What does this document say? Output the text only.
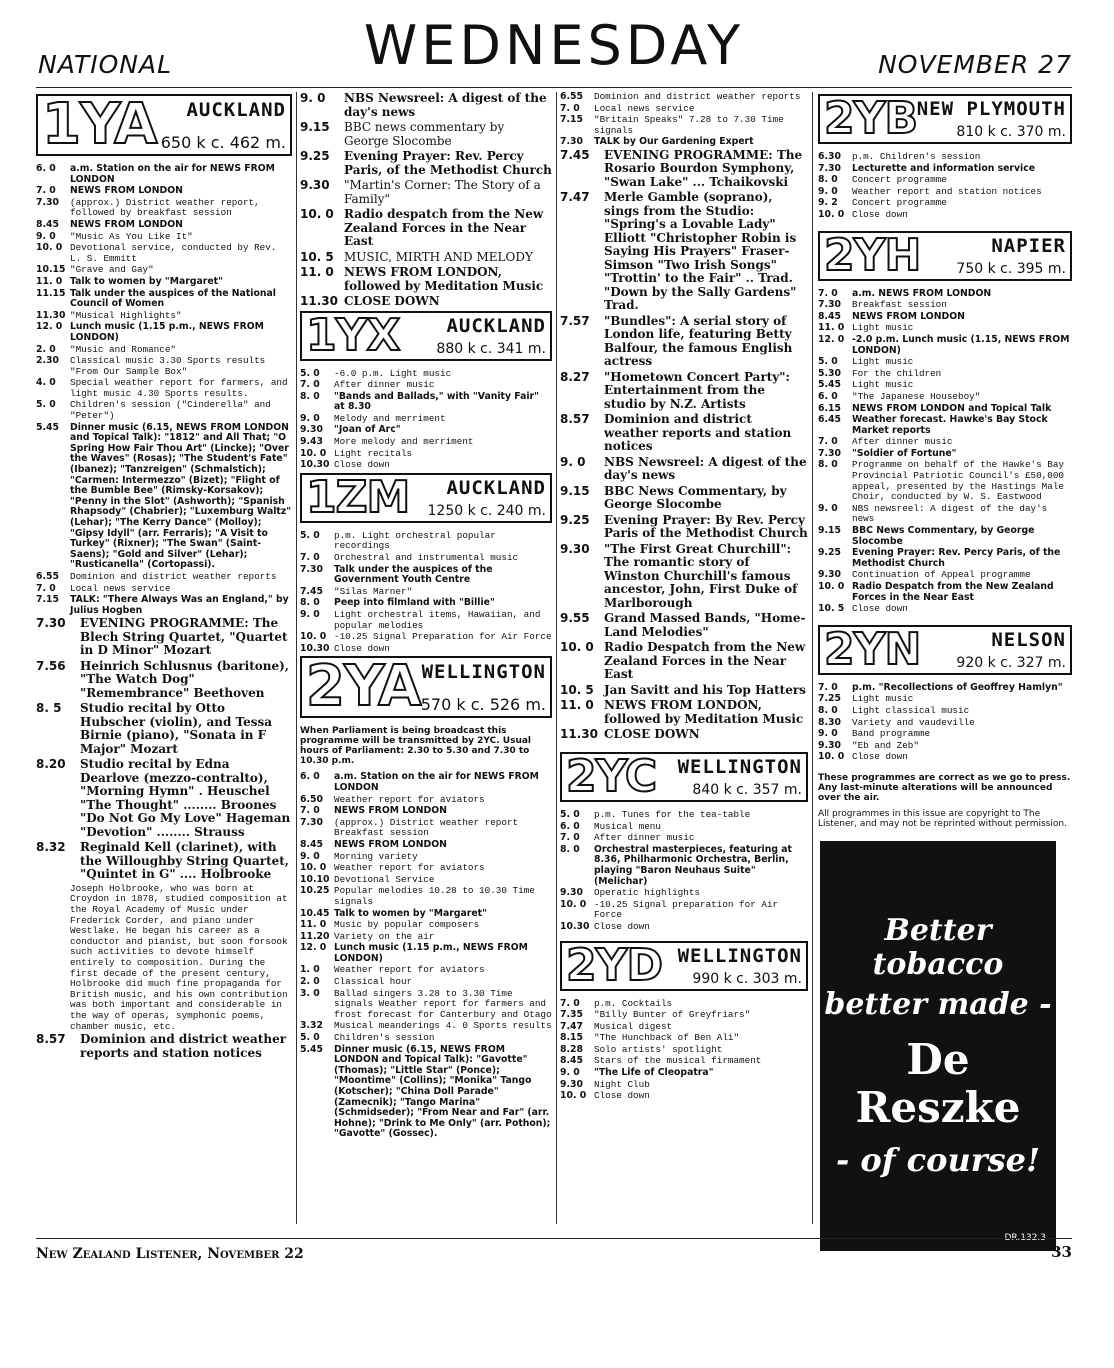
NATIONAL	WEDNESDAY	NOVEMBER 27
1YA AUCKLAND
650 k c. 462 m.
6. 0	a.m. Station on the air for NEWS FROM LONDON
7. 0	NEWS FROM LONDON
7.30	(approx.) District weather report, followed by breakfast session
8.45	NEWS FROM LONDON
9. 0	"Music As You Like It"
10. 0 Devotional service, conducted by Rev. L. S. Emmitt
10.15 "Grave and Gay"
11. 0 Talk to women by "Margaret"
11.15 Talk under the auspices of the National Council of Women
11.30 "Musical Highlights"
12. 0 Lunch music (1.15 p.m., NEWS FROM LONDON)
2. 0	"Music and Romance"
2.30	Classical music 3.30 Sports results "From Our Sample Box"
4. 0	Special weather report for farmers, and light music 4.30 Sports results.
5. 0	Children's session ("Cinderella" and "Peter")
5.45	Dinner music (6.15, NEWS FROM LONDON and Topical Talk): "1812" and All That; "O Spring How Fair Thou Art" (Lincke); "Over the Waves" (Rosas); "The Student's Fate" (Ibanez); "Tanzreigen" (Schmalstich); "Carmen: Intermezzo" (Bizet); "Flight of the Bumble Bee" (Rimsky-Korsakov); "Penny in the Slot" (Ashworth); "Spanish Rhapsody" (Chabrier); "Luxemburg Waltz" (Lehar); "The Kerry Dance" (Molloy); "Gipsy Idyll" (arr. Ferraris); "A Visit to Turkey" (Rixner); "The Swan" (Saint-Saens); "Gold and Silver" (Lehar); "Rusticanella" (Cortopassi).
6.55	Dominion and district weather reports
7. 0	Local news service
7.15	TALK: "There Always Was an England," by Julius Hogben
7.30	EVENING PROGRAMME: The Blech String Quartet, "Quartet in D Minor" Mozart
7.56	Heinrich Schlusnus (baritone), "The Watch Dog" "Remembrance" Beethoven
8. 5	Studio recital by Otto Hubscher (violin), and Tessa Birnie (piano), "Sonata in F Major" Mozart
8.20	Studio recital by Edna Dearlove (mezzo-contralto), "Morning Hymn" . Heuschel "The Thought" ........ Broones "Do Not Go My Love" Hageman "Devotion" ........ Strauss
8.32	Reginald Kell (clarinet), with the Willoughby String Quartet, "Quintet in G" .... Holbrooke
Joseph Holbrooke, who was born at Croydon in 1878, studied composition at the Royal Academy of Music under Frederick Corder, and piano under Westlake. He began his career as a conductor and pianist, but soon forsook such activities to devote himself entirely to composition. During the first decade of the present century, Holbrooke did much fine propaganda for British music, and his own contribution was both important and considerable in the way of operas, symphonic poems, chamber music, etc.
8.57	Dominion and district weather reports and station notices
9. 0	NBS Newsreel: A digest of the day's news
9.15	BBC news commentary by George Slocombe
9.25	Evening Prayer: Rev. Percy Paris, of the Methodist Church
9.30	"Martin's Corner: The Story of a Family"
10. 0 Radio despatch from the New Zealand Forces in the Near East
10. 5 MUSIC, MIRTH AND MELODY
11. 0 NEWS FROM LONDON, followed by Meditation Music
11.30 CLOSE DOWN
1YX AUCKLAND
880 k c. 341 m.
5. 0	-6.0 p.m. Light music
7. 0	After dinner music
8. 0	"Bands and Ballads," with "Vanity Fair" at 8.30
9. 0	Melody and merriment
9.30	"Joan of Arc"
9.43	More melody and merriment
10. 0 Light recitals
10.30 Close down
1ZM AUCKLAND
1250 k c. 240 m.
5. 0	p.m. Light orchestral popular recordings
7. 0	Orchestral and instrumental music
7.30	Talk under the auspices of the Government Youth Centre
7.45	"Silas Marner"
8. 0	Peep into filmland with "Billie"
9. 0	Light orchestral items, Hawaiian, and popular melodies
10. 0 -10.25 Signal Preparation for Air Force
10.30 Close down
2YA WELLINGTON
570 k c. 526 m.
When Parliament is being broadcast this programme will be transmitted by 2YC. Usual hours of Parliament: 2.30 to 5.30 and 7.30 to 10.30 p.m.
6. 0	a.m. Station on the air for NEWS FROM LONDON
6.50	Weather report for aviators
7. 0	NEWS FROM LONDON
7.30	(approx.) District weather report Breakfast session
8.45	NEWS FROM LONDON
9. 0	Morning variety
10. 0 Weather report for aviators
10.10 Devotional Service
10.25 Popular melodies 10.28 to 10.30 Time signals
10.45 Talk to women by "Margaret"
11. 0 Music by popular composers
11.20 Variety on the air
12. 0 Lunch music (1.15 p.m., NEWS FROM LONDON)
1. 0	Weather report for aviators
2. 0	Classical hour
3. 0	Ballad singers 3.28 to 3.30 Time signals Weather report for farmers and frost forecast for Canterbury and Otago
3.32	Musical meanderings 4. 0 Sports results
5. 0	Children's session
5.45	Dinner music (6.15, NEWS FROM LONDON and Topical Talk): "Gavotte" (Thomas); "Little Star" (Ponce); "Moontime" (Collins); "Monika" Tango (Kotscher); "China Doll Parade" (Zamecnik); "Tango Marina" (Schmidseder); "From Near and Far" (arr. Hohne); "Drink to Me Only" (arr. Pothon); "Gavotte" (Gossec).
6.55	Dominion and district weather reports
7. 0	Local news service
7.15	"Britain Speaks" 7.28 to 7.30 Time signals
7.30	TALK by Our Gardening Expert
7.45	EVENING PROGRAMME: The Rosario Bourdon Symphony, "Swan Lake" ... Tchaikovski
7.47	Merle Gamble (soprano), sings from the Studio: "Spring's a Lovable Lady" Elliott "Christopher Robin is Saying His Prayers" Fraser-Simson "Two Irish Songs" "Trottin' to the Fair" .. Trad. "Down by the Sally Gardens" Trad.
7.57	"Bundles": A serial story of London life, featuring Betty Balfour, the famous English actress
8.27	"Hometown Concert Party": Entertainment from the studio by N.Z. Artists
8.57	Dominion and district weather reports and station notices
9. 0	NBS Newsreel: A digest of the day's news
9.15	BBC News Commentary, by George Slocombe
9.25	Evening Prayer: By Rev. Percy Paris of the Methodist Church
9.30	"The First Great Churchill": The romantic story of Winston Churchill's famous ancestor, John, First Duke of Marlborough
9.55	Grand Massed Bands, "Home-Land Melodies"
10. 0 Radio Despatch from the New Zealand Forces in the Near East
10. 5 Jan Savitt and his Top Hatters
11. 0 NEWS FROM LONDON, followed by Meditation Music
11.30 CLOSE DOWN
2YC WELLINGTON
840 k c. 357 m.
5. 0	p.m. Tunes for the tea-table
6. 0	Musical menu
7. 0	After dinner music
8. 0	Orchestral masterpieces, featuring at 8.36, Philharmonic Orchestra, Berlin, playing "Baron Neuhaus Suite" (Melichar)
9.30	Operatic highlights
10. 0 -10.25 Signal preparation for Air Force
10.30 Close down
2YD WELLINGTON
990 k c. 303 m.
7. 0	p.m. Cocktails
7.35	"Billy Bunter of Greyfriars"
7.47	Musical digest
8.15	"The Hunchback of Ben Ali"
8.28	Solo artists' spotlight
8.45	Stars of the musical firmament
9. 0	"The Life of Cleopatra"
9.30	Night Club
10. 0 Close down
2YB NEW PLYMOUTH
810 k c. 370 m.
6.30	p.m. Children's session
7.30	Lecturette and information service
8. 0	Concert programme
9. 0	Weather report and station notices
9. 2	Concert programme
10. 0 Close down
2YH	NAPIER
750 k c. 395 m.
7. 0	a.m. NEWS FROM LONDON
7.30	Breakfast session
8.45	NEWS FROM LONDON
11. 0 Light music
12. 0 -2.0 p.m. Lunch music (1.15, NEWS FROM LONDON)
5. 0	Light music
5.30	For the children
5.45	Light music
6. 0	"The Japanese Houseboy"
6.15	NEWS FROM LONDON and Topical Talk
6.45	Weather forecast. Hawke's Bay Stock Market reports
7. 0	After dinner music
7.30	"Soldier of Fortune"
8. 0	Programme on behalf of the Hawke's Bay Provincial Patriotic Council's £50,000 appeal, presented by the Hastings Male Choir, conducted by W. S. Eastwood
9. 0	NBS newsreel: A digest of the day's news
9.15	BBC News Commentary, by George Slocombe
9.25	Evening Prayer: Rev. Percy Paris, of the Methodist Church
9.30	Continuation of Appeal programme
10. 0 Radio Despatch from the New Zealand Forces in the Near East
10. 5 Close down
2YN	NELSON
920 k c. 327 m.
7. 0	p.m. "Recollections of Geoffrey Hamlyn"
7.25	Light music
8. 0	Light classical music
8.30	Variety and vaudeville
9. 0	Band programme
9.30	"Eb and Zeb"
10. 0 Close down
These programmes are correct as we go to press. Any last-minute alterations will be announced over the air.
All programmes in this issue are copyright to The Listener, and may not be reprinted without permission.
Better tobacco
better made -
De Reszke
- of course!
DR.132.3
New Zealand Listener, November 22	33
